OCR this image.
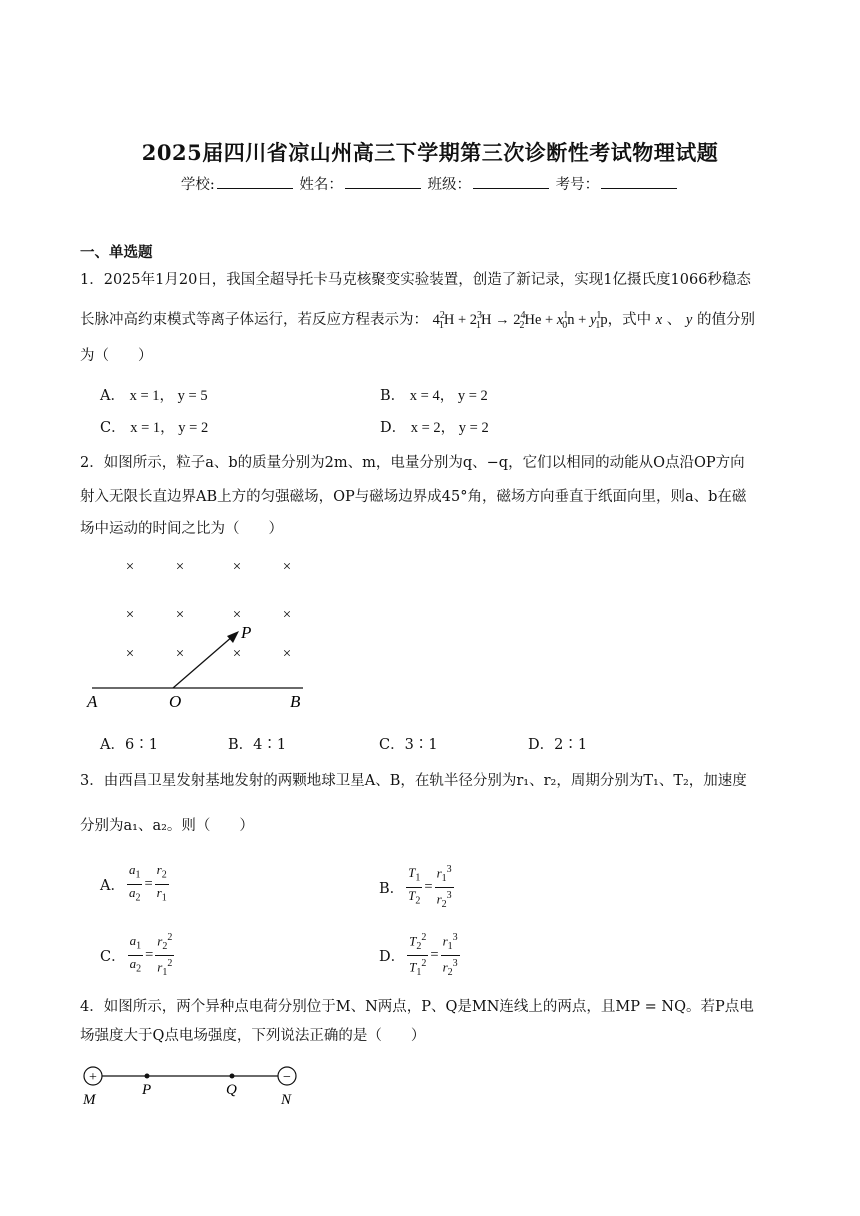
2025届四川省凉山州高三下学期第三次诊断性考试物理试题
学校:	姓名：	班级：	考号：
一、单选题
1．2025年1月20日，我国全超导托卡马克核聚变实验装置，创造了新记录，实现1亿摄氏度1066秒稳态
长脉冲高约束模式等离子体运行，若反应方程表示为： $4^2_1H + 2^3_1H \to 2^4_2He + x^1_0n + y^1_1p$，式中 x 、 y 的值分别
为（　　）
A． x = 1， y = 5	B． x = 4， y = 2
C． x = 1， y = 2	D． x = 2， y = 2
2．如图所示，粒子a、b的质量分别为2m、m，电量分别为q、−q，它们以相同的动能从O点沿OP方向
射入无限长直边界AB上方的匀强磁场，OP与磁场边界成45°角，磁场方向垂直于纸面向里，则a、b在磁
场中运动的时间之比为（　　）
×	×	×	×
×	×	×	×
×	×	×	×
A	O	B
P
A．6∶1	B．4∶1	C．3∶1	D．2∶1
3．由西昌卫星发射基地发射的两颗地球卫星A、B，在轨半径分别为r₁、r₂，周期分别为T₁、T₂，加速度
分别为a₁、a₂。则（　　）
A． $\frac{a_1}{a_2} = \frac{r_2}{r_1}$	B． $\frac{T_1}{T_2} = \frac{r_1^3}{r_2^3}$
C． $\frac{a_1}{a_2} = \frac{r_2^2}{r_1^2}$	D． $\frac{T_2^2}{T_1^2} = \frac{r_1^3}{r_2^3}$
4．如图所示，两个异种点电荷分别位于M、N两点，P、Q是MN连线上的两点，且MP = NQ。若P点电
场强度大于Q点电场强度，下列说法正确的是（　　）
+	−
M
P	Q
N
